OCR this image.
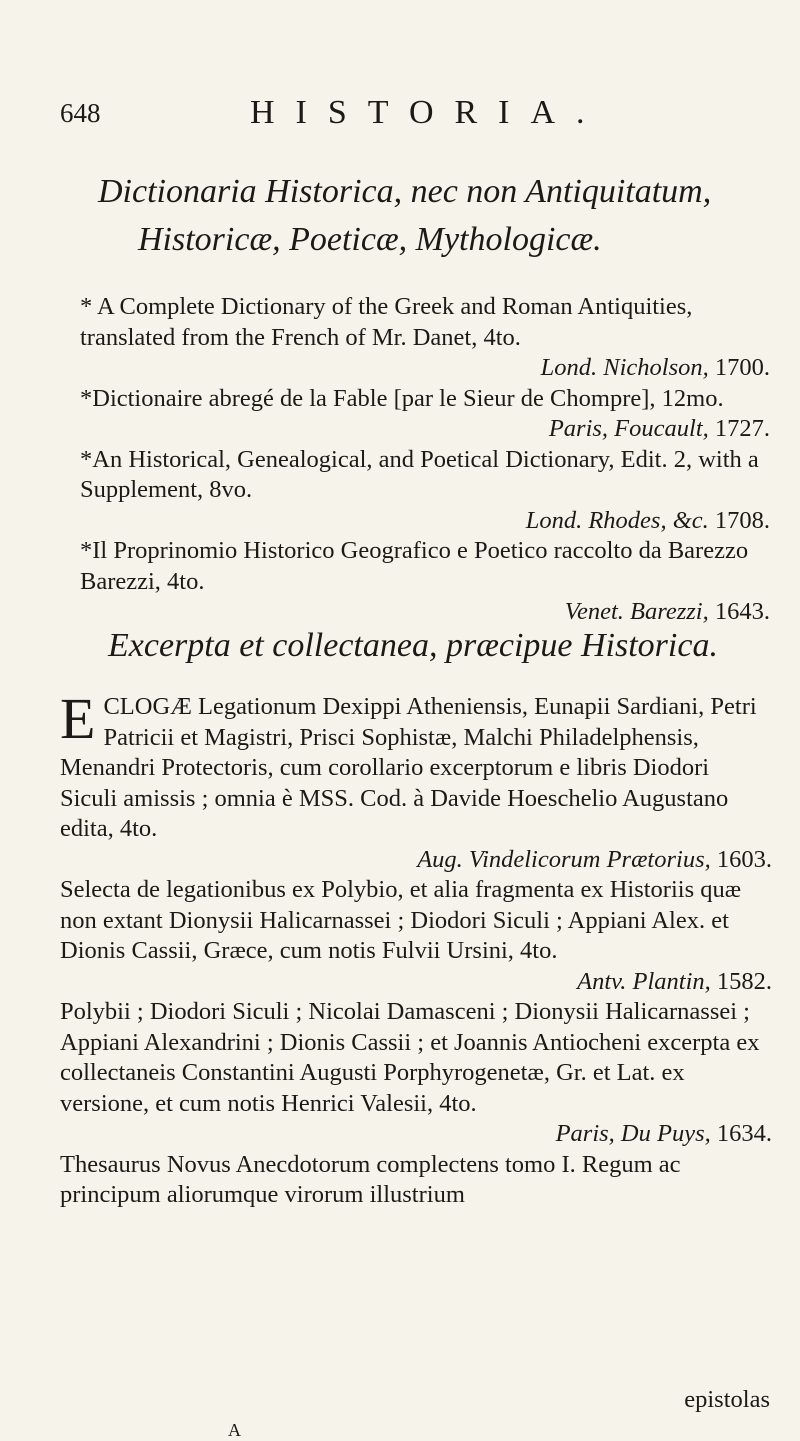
648	HISTORIA.
Dictionaria Historica, nec non Antiquitatum,
Historicæ, Poeticæ, Mythologicæ.

* A Complete Dictionary of the Greek and Roman Antiquities, translated from the French of Mr. Danet, 4to.
Lond. Nicholson, 1700.

*Dictionaire abregé de la Fable [par le Sieur de Chompre], 12mo.
Paris, Foucault, 1727.

*An Historical, Genealogical, and Poetical Dictionary, Edit. 2, with a Supplement, 8vo.
Lond. Rhodes, &c. 1708.

*Il Proprinomio Historico Geografico e Poetico raccolto da Barezzo Barezzi, 4to.
Venet. Barezzi, 1643.

Excerpta et collectanea, præcipue Historica.

E CLOGÆ Legationum Dexippi Atheniensis, Eunapii Sardiani, Petri Patricii et Magistri, Prisci Sophistæ, Malchi Philadelphensis, Menandri Protectoris, cum corollario excerptorum e libris Diodori Siculi amissis ; omnia è MSS. Cod. à Davide Hoeschelio Augustano edita, 4to.
Aug. Vindelicorum Prætorius, 1603.

Selecta de legationibus ex Polybio, et alia fragmenta ex Historiis quæ non extant Dionysii Halicarnassei ; Diodori Siculi ; Appiani Alex. et Dionis Cassii, Græce, cum notis Fulvii Ursini, 4to.
Antv. Plantin, 1582.

Polybii ; Diodori Siculi ; Nicolai Damasceni ; Dionysii Halicarnassei ; Appiani Alexandrini ; Dionis Cassii ; et Joannis Antiocheni excerpta ex collectaneis Constantini Augusti Porphyrogenetæ, Gr. et Lat. ex versione, et cum notis Henrici Valesii, 4to.
Paris, Du Puys, 1634.

Thesaurus Novus Anecdotorum complectens tomo I. Regum ac principum aliorumque virorum illustrium

epistolas
A
